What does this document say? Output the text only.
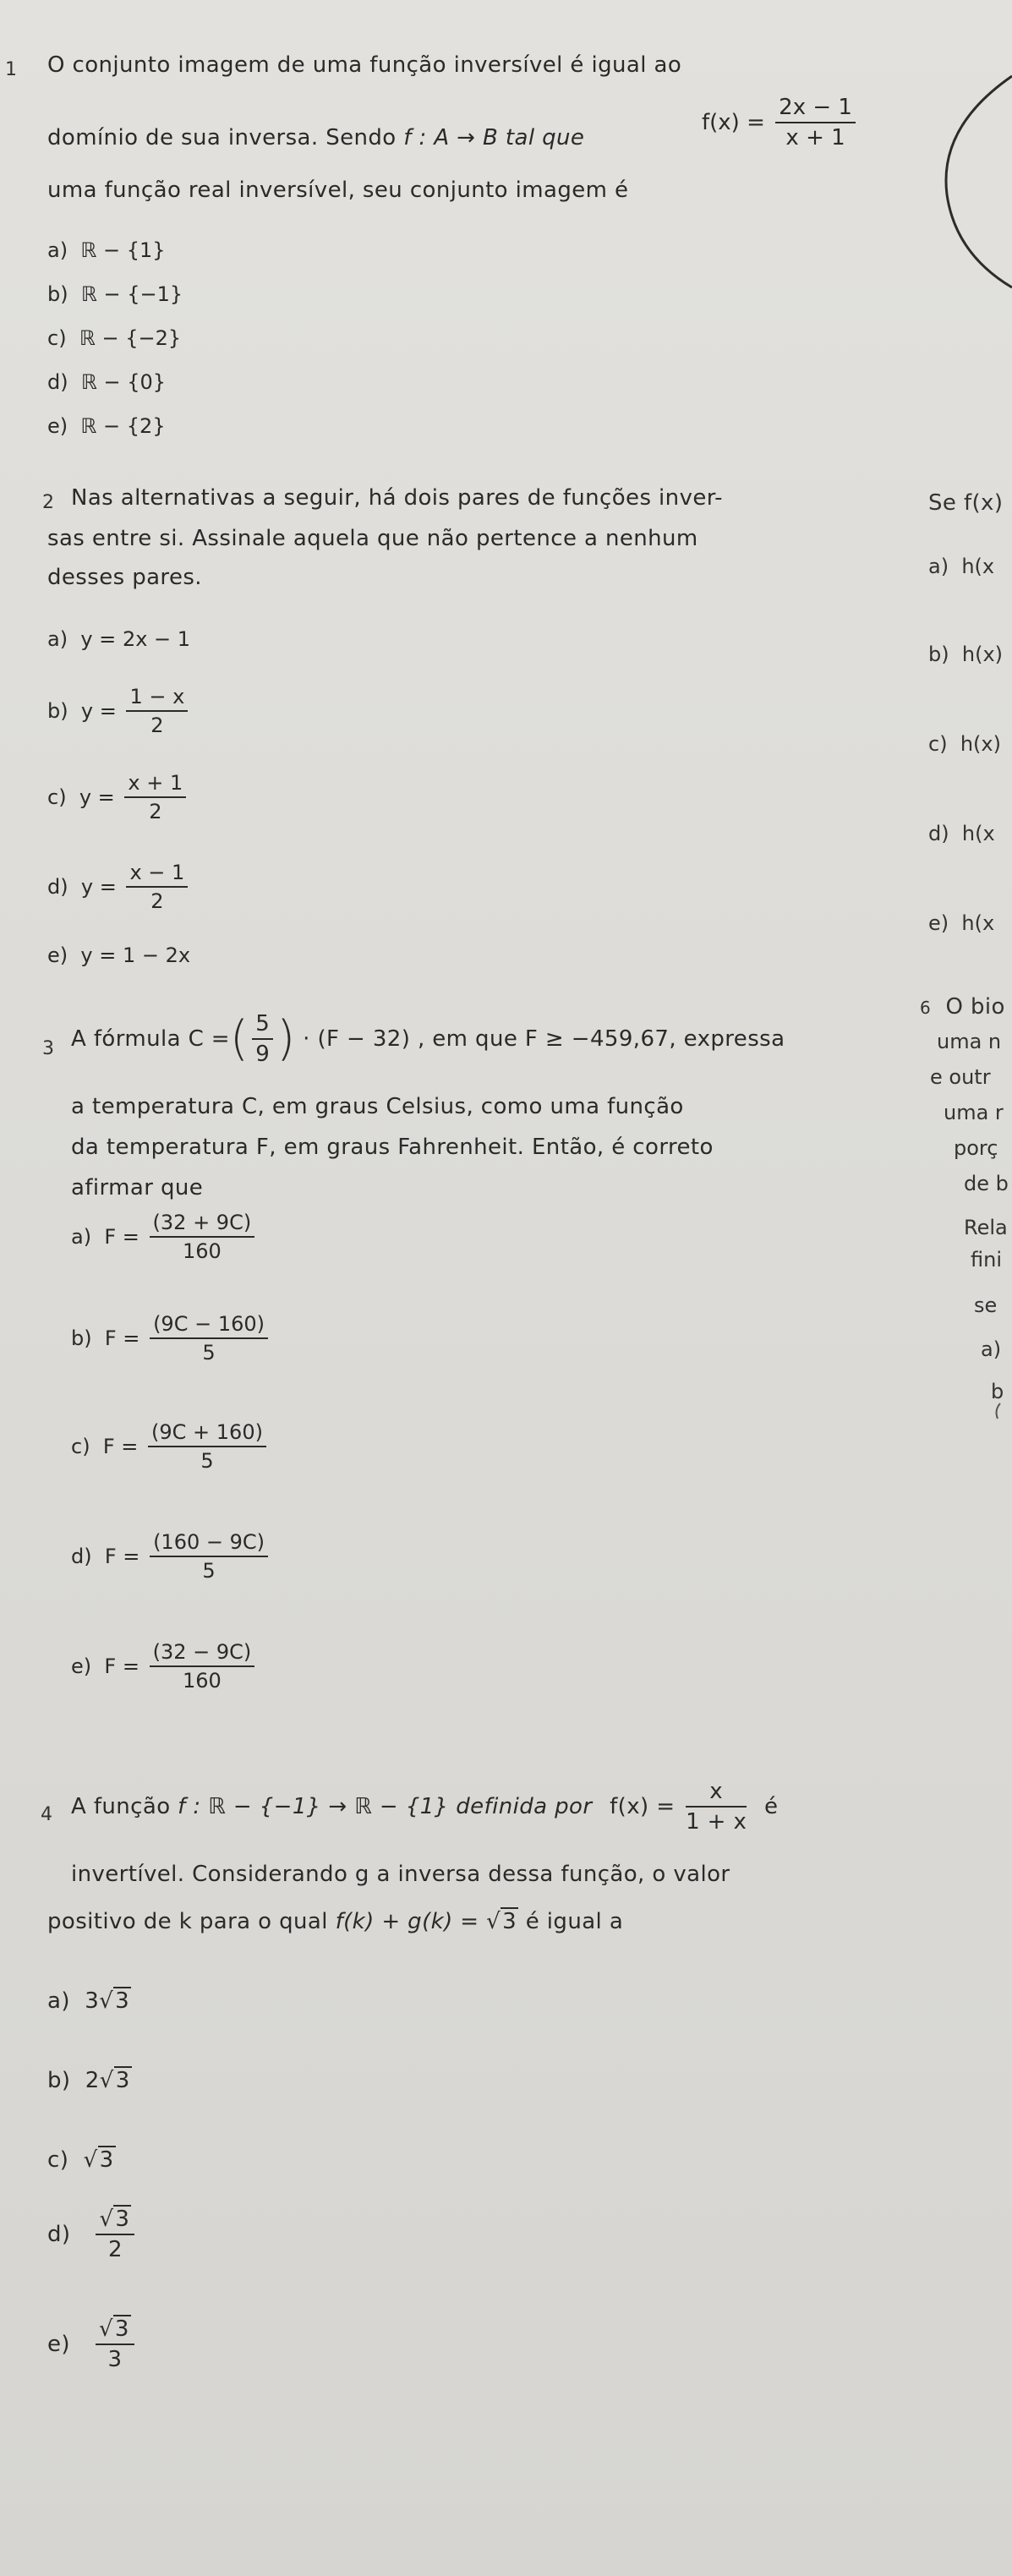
1 O conjunto imagem de uma função inversível é igual ao
domínio de sua inversa. Sendo f : A → B tal que
$f(x) = \frac{2x - 1}{x + 1}$
uma função real inversível, seu conjunto imagem é
a) ℝ − {1}
b) ℝ − {−1}
c) ℝ − {−2}
d) ℝ − {0}
e) ℝ − {2}
2 Nas alternativas a seguir, há dois pares de funções inver-
sas entre si. Assinale aquela que não pertence a nenhum
desses pares.
a) y = 2x − 1
b) $y = \frac{1 - x}{2}$
c) $y = \frac{x + 1}{2}$
d) $y = \frac{x - 1}{2}$
e) y = 1 − 2x
Se f(x)
a) h(x
b) h(x)
c) h(x)
d) h(x
e) h(x
6 O bio
uma n
e outr
uma r
porç
de b
Rela
fini
se
a)
b
3 A fórmula C =( $\frac{5}{9}$ ) · (F − 32) , em que F ≥ −459,67, expressa
a temperatura C, em graus Celsius, como uma função
da temperatura F, em graus Fahrenheit. Então, é correto
afirmar que
a) $F = \frac{(32 + 9C)}{160}$
b) $F = \frac{(9C - 160)}{5}$
c) $F = \frac{(9C + 160)}{5}$
d) $F = \frac{(160 - 9C)}{5}$
e) $F = \frac{(32 - 9C)}{160}$
4 A função f : ℝ − {−1} → ℝ − {1} definida por $f(x) = \frac{x}{1 + x}$ é
invertível. Considerando g a inversa dessa função, o valor
positivo de k para o qual f(k) + g(k) = √3 é igual a
a) 3√3
b) 2√3
c) √3
$d) \frac{√3}{2}$
$e) \frac{√3}{3}$
